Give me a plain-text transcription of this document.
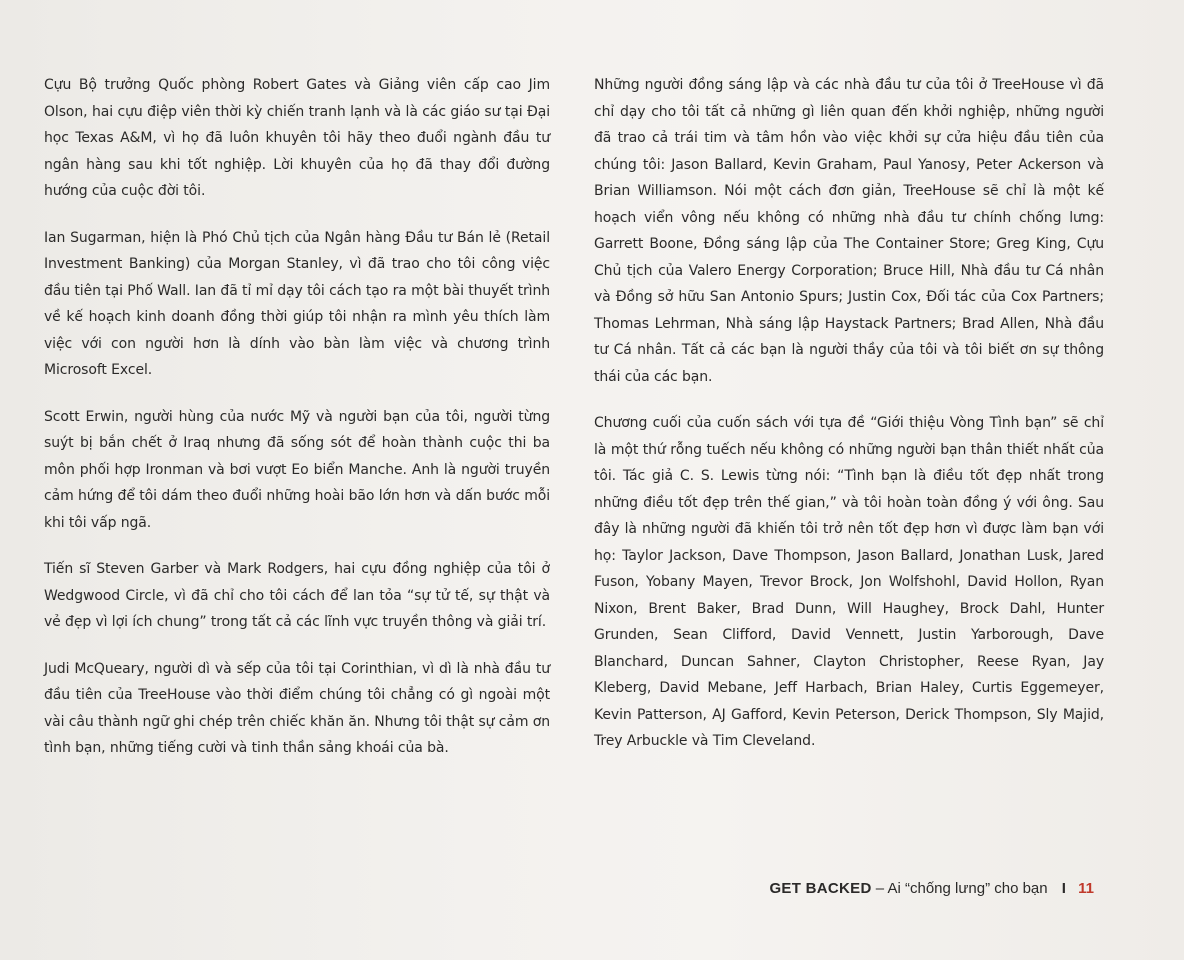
Cựu Bộ trưởng Quốc phòng Robert Gates và Giảng viên cấp cao Jim Olson, hai cựu điệp viên thời kỳ chiến tranh lạnh và là các giáo sư tại Đại học Texas A&M, vì họ đã luôn khuyên tôi hãy theo đuổi ngành đầu tư ngân hàng sau khi tốt nghiệp. Lời khuyên của họ đã thay đổi đường hướng của cuộc đời tôi.

Ian Sugarman, hiện là Phó Chủ tịch của Ngân hàng Đầu tư Bán lẻ (Retail Investment Banking) của Morgan Stanley, vì đã trao cho tôi công việc đầu tiên tại Phố Wall. Ian đã tỉ mỉ dạy tôi cách tạo ra một bài thuyết trình về kế hoạch kinh doanh đồng thời giúp tôi nhận ra mình yêu thích làm việc với con người hơn là dính vào bàn làm việc và chương trình Microsoft Excel.

Scott Erwin, người hùng của nước Mỹ và người bạn của tôi, người từng suýt bị bắn chết ở Iraq nhưng đã sống sót để hoàn thành cuộc thi ba môn phối hợp Ironman và bơi vượt Eo biển Manche. Anh là người truyền cảm hứng để tôi dám theo đuổi những hoài bão lớn hơn và dấn bước mỗi khi tôi vấp ngã.

Tiến sĩ Steven Garber và Mark Rodgers, hai cựu đồng nghiệp của tôi ở Wedgwood Circle, vì đã chỉ cho tôi cách để lan tỏa “sự tử tế, sự thật và vẻ đẹp vì lợi ích chung” trong tất cả các lĩnh vực truyền thông và giải trí.

Judi McQueary, người dì và sếp của tôi tại Corinthian, vì dì là nhà đầu tư đầu tiên của TreeHouse vào thời điểm chúng tôi chẳng có gì ngoài một vài câu thành ngữ ghi chép trên chiếc khăn ăn. Nhưng tôi thật sự cảm ơn tình bạn, những tiếng cười và tinh thần sảng khoái của bà.

Những người đồng sáng lập và các nhà đầu tư của tôi ở TreeHouse vì đã chỉ dạy cho tôi tất cả những gì liên quan đến khởi nghiệp, những người đã trao cả trái tim và tâm hồn vào việc khởi sự cửa hiệu đầu tiên của chúng tôi: Jason Ballard, Kevin Graham, Paul Yanosy, Peter Ackerson và Brian Williamson. Nói một cách đơn giản, TreeHouse sẽ chỉ là một kế hoạch viển vông nếu không có những nhà đầu tư chính chống lưng: Garrett Boone, Đồng sáng lập của The Container Store; Greg King, Cựu Chủ tịch của Valero Energy Corporation; Bruce Hill, Nhà đầu tư Cá nhân và Đồng sở hữu San Antonio Spurs; Justin Cox, Đối tác của Cox Partners; Thomas Lehrman, Nhà sáng lập Haystack Partners; Brad Allen, Nhà đầu tư Cá nhân. Tất cả các bạn là người thầy của tôi và tôi biết ơn sự thông thái của các bạn.

Chương cuối của cuốn sách với tựa đề “Giới thiệu Vòng Tình bạn” sẽ chỉ là một thứ rỗng tuếch nếu không có những người bạn thân thiết nhất của tôi. Tác giả C. S. Lewis từng nói: “Tình bạn là điều tốt đẹp nhất trong những điều tốt đẹp trên thế gian,” và tôi hoàn toàn đồng ý với ông. Sau đây là những người đã khiến tôi trở nên tốt đẹp hơn vì được làm bạn với họ: Taylor Jackson, Dave Thompson, Jason Ballard, Jonathan Lusk, Jared Fuson, Yobany Mayen, Trevor Brock, Jon Wolfshohl, David Hollon, Ryan Nixon, Brent Baker, Brad Dunn, Will Haughey, Brock Dahl, Hunter Grunden, Sean Clifford, David Vennett, Justin Yarborough, Dave Blanchard, Duncan Sahner, Clayton Christopher, Reese Ryan, Jay Kleberg, David Mebane, Jeff Harbach, Brian Haley, Curtis Eggemeyer, Kevin Patterson, AJ Gafford, Kevin Peterson, Derick Thompson, Sly Majid, Trey Arbuckle và Tim Cleveland.

GET BACKED – Ai “chống lưng” cho bạn I 11
